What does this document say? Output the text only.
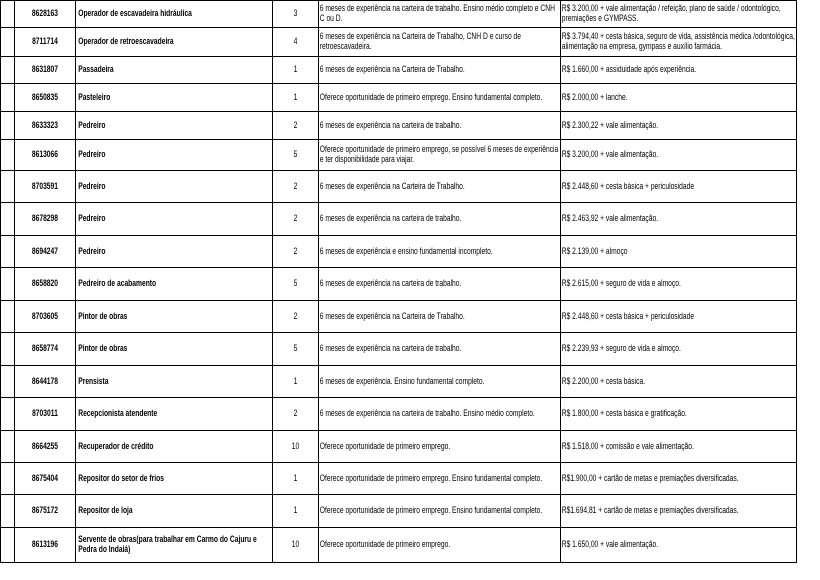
	8628163	Operador de escavadeira hidráulica	3	6 meses de experiência na carteira de trabalho. Ensino médio completo e CNH C ou D.	R$ 3.200,00 + vale alimentação / refeição, plano de saúde / odontológico, premiações e GYMPASS.

	8711714	Operador de retroescavadeira	4	6 meses de experiência na Carteira de Trabalho, CNH D e curso de retroescavadeira.	R$ 3.794,40 + cesta básica, seguro de vida, assistência médica /odontológica, alimentação na empresa, gympass e auxílio farmácia.

	8631807	Passadeira	1	6 meses de experiência na Carteira de Trabalho.	R$ 1.660,00 + assiduidade após experiência.

	8650835	Pasteleiro	1	Oferece oportunidade de primeiro emprego. Ensino fundamental completo.	R$ 2.000,00 + lanche.

	8633323	Pedreiro	2	6 meses de experiência na carteira de trabalho.	R$ 2.300,22 + vale alimentação.

	8613066	Pedreiro	5	Oferece oportunidade de primeiro emprego, se possível 6 meses de experiência e ter disponibilidade para viajar.	R$ 3.200,00 + vale alimentação.

	8703591	Pedreiro	2	6 meses de experiência na Carteira de Trabalho.	R$ 2.448,60 + cesta básica + periculosidade

	8678298	Pedreiro	2	6 meses de experiência na carteira de trabalho.	R$ 2.463,92 + vale alimentação.

	8694247	Pedreiro	2	6 meses de experiência e ensino fundamental incompleto.	R$ 2.139,00 + almoço

	8658820	Pedreiro de acabamento	5	6 meses de experiência na carteira de trabalho.	R$ 2.615,00 + seguro de vida e almoço.

	8703605	Pintor de obras	2	6 meses de experiência na Carteira de Trabalho.	R$ 2.448,60 + cesta básica + periculosidade

	8658774	Pintor de obras	5	6 meses de experiência na carteira de trabalho.	R$ 2.239,93 + seguro de vida e almoço.

	8644178	Prensista	1	6 meses de experiência. Ensino fundamental completo.	R$ 2.200,00 + cesta básica.

	8703011	Recepcionista atendente	2	6 meses de experiência na carteira de trabalho. Ensino médio completo.	R$ 1.800,00 + cesta básica e gratificação.

	8664255	Recuperador de crédito	10	Oferece oportunidade de primeiro emprego.	R$ 1.518,00 + comissão e vale alimentação.

	8675404	Repositor do setor de frios	1	Oferece oportunidade de primeiro emprego. Ensino fundamental completo.	R$1.900,00 + cartão de metas e premiações diversificadas.

	8675172	Repositor de loja	1	Oferece oportunidade de primeiro emprego. Ensino fundamental completo.	R$1.694,81 + cartão de metas e premiações diversificadas.

	8613196	Servente de obras(para trabalhar em Carmo do Cajuru e Pedra do Indaiá)	10	Oferece oportunidade de primeiro emprego.	R$ 1.650,00 + vale alimentação.
